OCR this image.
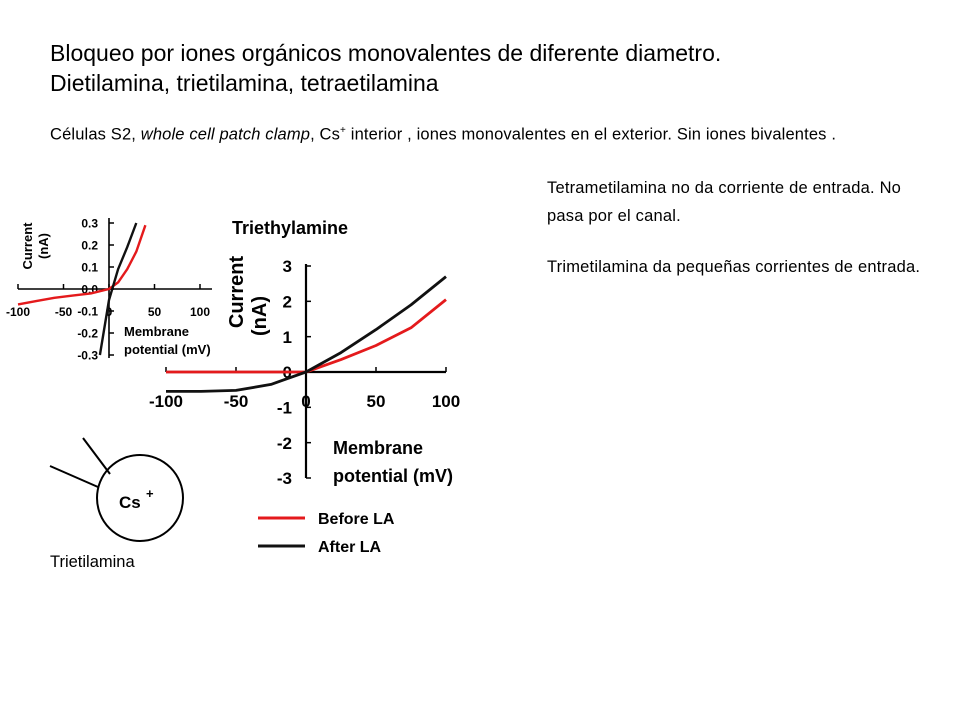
Bloqueo por iones orgánicos monovalentes de diferente diametro.
Dietilamina, trietilamina, tetraetilamina
Células S2, whole cell patch clamp, Cs+ interior , iones monovalentes en el exterior. Sin iones bivalentes .
Tetrametilamina no da corriente de entrada. No pasa por el canal.
Trimetilamina da pequeñas corrientes de entrada.
Trietilamina
0.3
0.2
0.1
0.0
-0.1
-0.2
-0.3
-100 -50	0	50 100
Current (nA)
Membrane
potential (mV)
Triethylamine
3
2
1
0
-1
-2
-3
-100 -50	0	50	100
Current (nA)
Membrane
potential (mV)
Before LA
After LA
Cs +
